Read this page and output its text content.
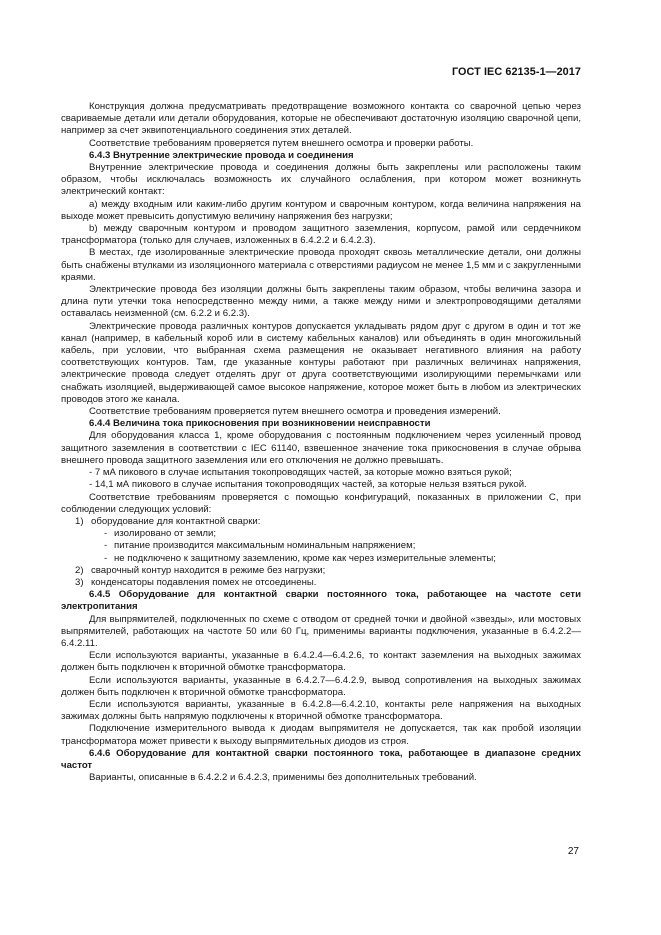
ГОСТ IEC 62135-1—2017

Конструкция должна предусматривать предотвращение возможного контакта со сварочной цепью через свариваемые детали или детали оборудования, которые не обеспечивают достаточную изоляцию сварочной цепи, например за счет эквипотенциального соединения этих деталей.

Соответствие требованиям проверяется путем внешнего осмотра и проверки работы.

6.4.3 Внутренние электрические провода и соединения

Внутренние электрические провода и соединения должны быть закреплены или расположены таким образом, чтобы исключалась возможность их случайного ослабления, при котором может возникнуть электрический контакт:

a) между входным или каким-либо другим контуром и сварочным контуром, когда величина напряжения на выходе может превысить допустимую величину напряжения без нагрузки;

b) между сварочным контуром и проводом защитного заземления, корпусом, рамой или сердечником трансформатора (только для случаев, изложенных в 6.4.2.2 и 6.4.2.3).

В местах, где изолированные электрические провода проходят сквозь металлические детали, они должны быть снабжены втулками из изоляционного материала с отверстиями радиусом не менее 1,5 мм и с закругленными краями.

Электрические провода без изоляции должны быть закреплены таким образом, чтобы величина зазора и длина пути утечки тока непосредственно между ними, а также между ними и электропроводящими деталями оставалась неизменной (см. 6.2.2 и 6.2.3).

Электрические провода различных контуров допускается укладывать рядом друг с другом в один и тот же канал (например, в кабельный короб или в систему кабельных каналов) или объединять в один многожильный кабель, при условии, что выбранная схема размещения не оказывает негативного влияния на работу соответствующих контуров. Там, где указанные контуры работают при различных величинах напряжения, электрические провода следует отделять друг от друга соответствующими изолирующими перемычками или снабжать изоляцией, выдерживающей самое высокое напряжение, которое может быть в любом из электрических проводов этого же канала.

Соответствие требованиям проверяется путем внешнего осмотра и проведения измерений.

6.4.4 Величина тока прикосновения при возникновении неисправности

Для оборудования класса 1, кроме оборудования с постоянным подключением через усиленный провод защитного заземления в соответствии с IEC 61140, взвешенное значение тока прикосновения в случае обрыва внешнего провода защитного заземления или его отключения не должно превышать.

- 7 мА пикового в случае испытания токопроводящих частей, за которые можно взяться рукой;

- 14,1 мА пикового в случае испытания токопроводящих частей, за которые нельзя взяться рукой.

Соответствие требованиям проверяется с помощью конфигураций, показанных в приложении С, при соблюдении следующих условий:

1) оборудование для контактной сварки:
- изолировано от земли;
- питание производится максимальным номинальным напряжением;
- не подключено к защитному заземлению, кроме как через измерительные элементы;
2) сварочный контур находится в режиме без нагрузки;
3) конденсаторы подавления помех не отсоединены.

6.4.5 Оборудование для контактной сварки постоянного тока, работающее на частоте сети электропитания

Для выпрямителей, подключенных по схеме с отводом от средней точки и двойной «звезды», или мостовых выпрямителей, работающих на частоте 50 или 60 Гц, применимы варианты подключения, указанные в 6.4.2.2—6.4.2.11.

Если используются варианты, указанные в 6.4.2.4—6.4.2.6, то контакт заземления на выходных зажимах должен быть подключен к вторичной обмотке трансформатора.

Если используются варианты, указанные в 6.4.2.7—6.4.2.9, вывод сопротивления на выходных зажимах должен быть подключен к вторичной обмотке трансформатора.

Если используются варианты, указанные в 6.4.2.8—6.4.2.10, контакты реле напряжения на выходных зажимах должны быть напрямую подключены к вторичной обмотке трансформатора.

Подключение измерительного вывода к диодам выпрямителя не допускается, так как пробой изоляции трансформатора может привести к выходу выпрямительных диодов из строя.

6.4.6 Оборудование для контактной сварки постоянного тока, работающее в диапазоне средних частот

Варианты, описанные в 6.4.2.2 и 6.4.2.3, применимы без дополнительных требований.

27
